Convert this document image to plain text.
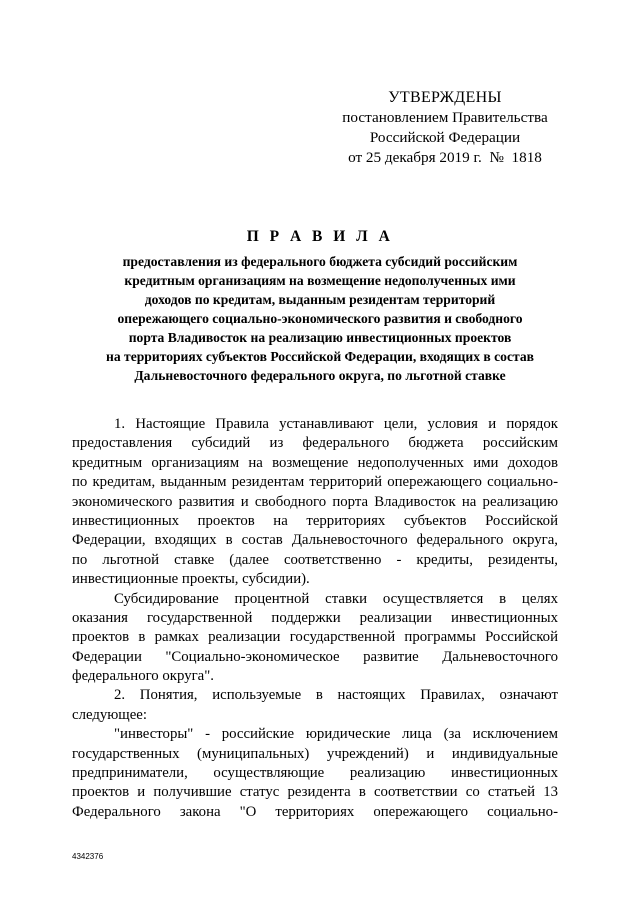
УТВЕРЖДЕНЫ
постановлением Правительства
Российской Федерации
от 25 декабря 2019 г.  №  1818
П Р А В И Л А
предоставления из федерального бюджета субсидий российским
кредитным организациям на возмещение недополученных ими
доходов по кредитам, выданным резидентам территорий
опережающего социально-экономического развития и свободного
порта Владивосток на реализацию инвестиционных проектов
на территориях субъектов Российской Федерации, входящих в состав
Дальневосточного федерального округа, по льготной ставке
1. Настоящие Правила устанавливают цели, условия и порядок
предоставления субсидий из федерального бюджета российским
кредитным организациям на возмещение недополученных ими доходов
по кредитам, выданным резидентам территорий опережающего социально-
экономического развития и свободного порта Владивосток на реализацию
инвестиционных проектов на территориях субъектов Российской
Федерации, входящих в состав Дальневосточного федерального округа,
по льготной ставке (далее соответственно - кредиты, резиденты,
инвестиционные проекты, субсидии).
Субсидирование процентной ставки осуществляется в целях
оказания государственной поддержки реализации инвестиционных
проектов в рамках реализации государственной программы Российской
Федерации "Социально-экономическое развитие Дальневосточного
федерального округа".
2. Понятия, используемые в настоящих Правилах, означают
следующее:
"инвесторы" - российские юридические лица (за исключением
государственных (муниципальных) учреждений) и индивидуальные
предприниматели, осуществляющие реализацию инвестиционных
проектов и получившие статус резидента в соответствии со статьей 13
Федерального закона "О территориях опережающего социально-
4342376
